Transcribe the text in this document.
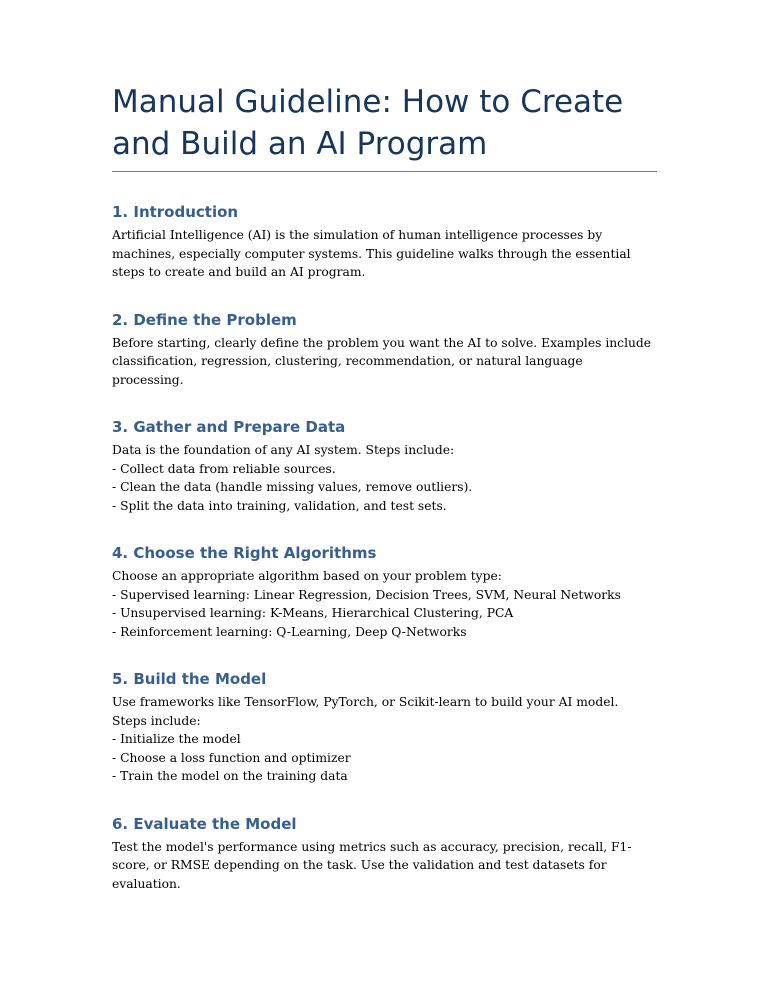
Manual Guideline: How to Create and Build an AI Program
1. Introduction

Artificial Intelligence (AI) is the simulation of human intelligence processes by machines, especially computer systems. This guideline walks through the essential steps to create and build an AI program.

2. Define the Problem

Before starting, clearly define the problem you want the AI to solve. Examples include classification, regression, clustering, recommendation, or natural language processing.

3. Gather and Prepare Data

Data is the foundation of any AI system. Steps include:
- Collect data from reliable sources.
- Clean the data (handle missing values, remove outliers).
- Split the data into training, validation, and test sets.

4. Choose the Right Algorithms

Choose an appropriate algorithm based on your problem type:
- Supervised learning: Linear Regression, Decision Trees, SVM, Neural Networks
- Unsupervised learning: K-Means, Hierarchical Clustering, PCA
- Reinforcement learning: Q-Learning, Deep Q-Networks

5. Build the Model

Use frameworks like TensorFlow, PyTorch, or Scikit-learn to build your AI model.
Steps include:
- Initialize the model
- Choose a loss function and optimizer
- Train the model on the training data

6. Evaluate the Model

Test the model's performance using metrics such as accuracy, precision, recall, F1-score, or RMSE depending on the task. Use the validation and test datasets for evaluation.
